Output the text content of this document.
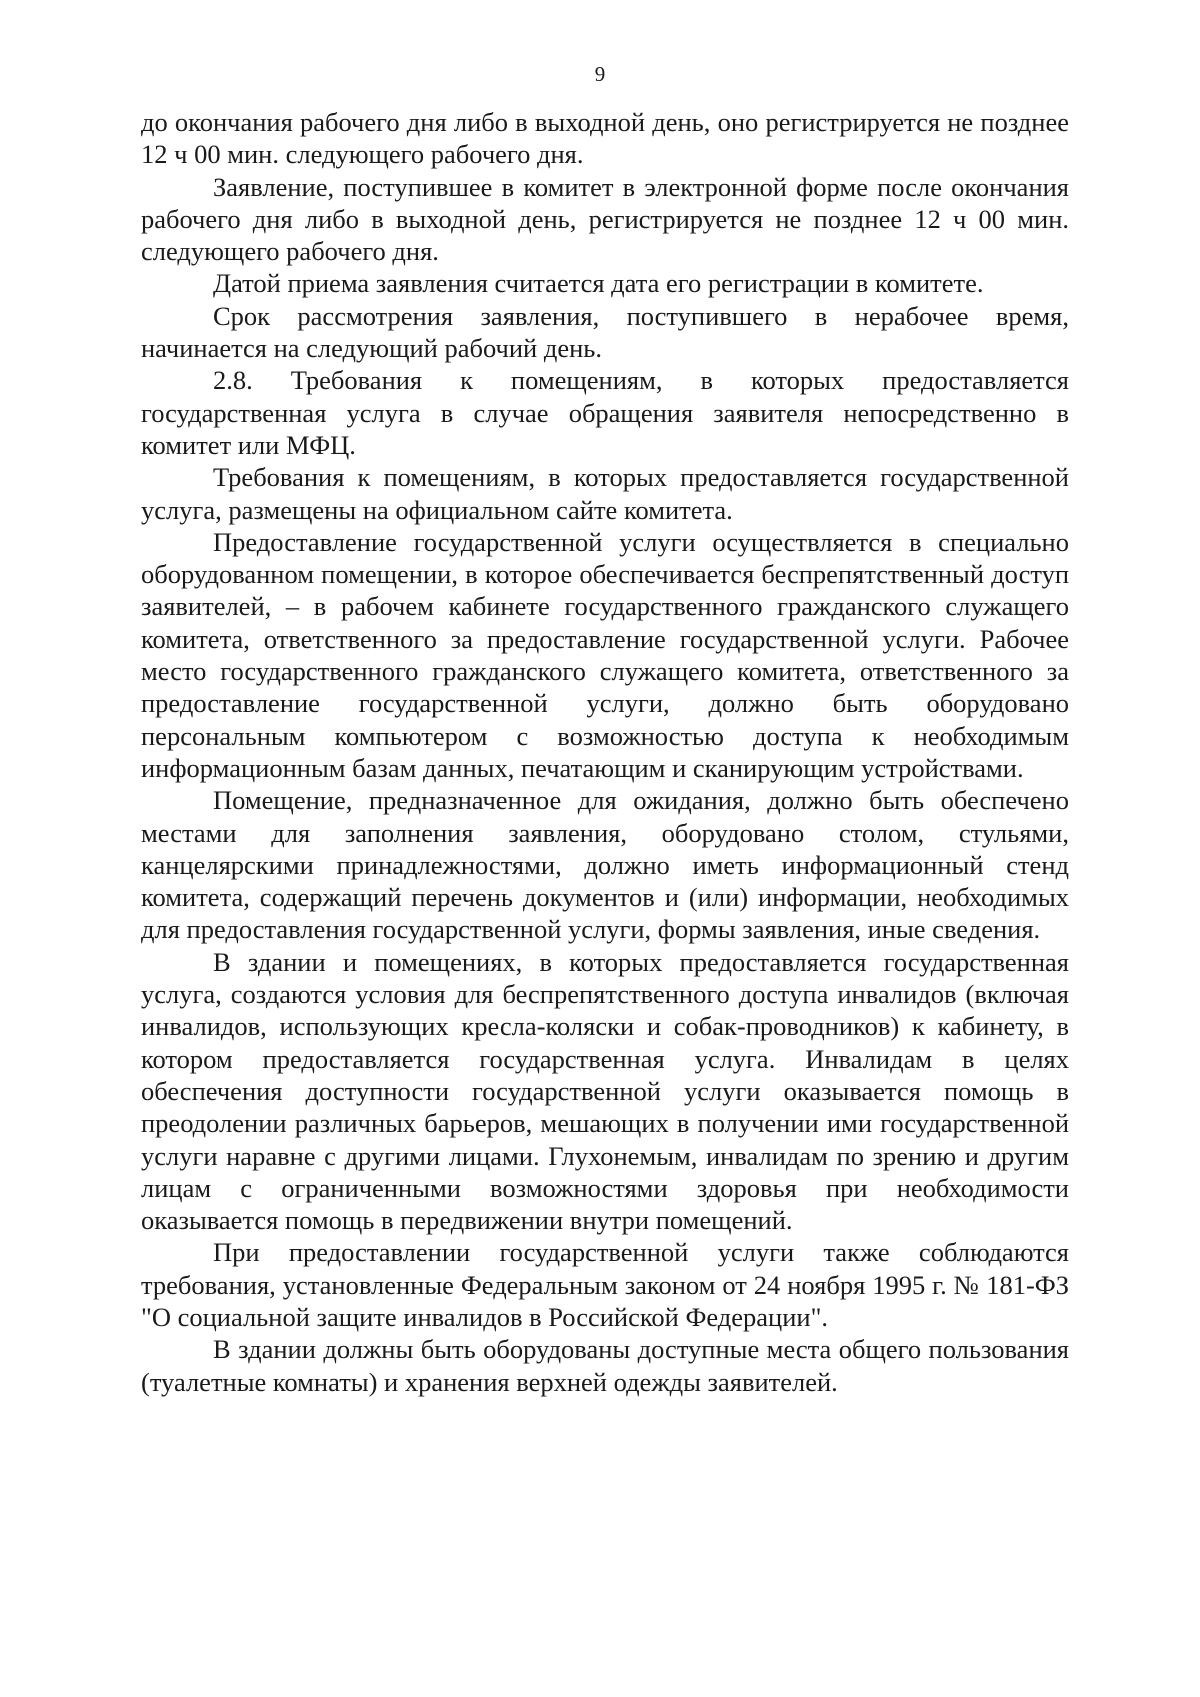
9

до окончания рабочего дня либо в выходной день, оно регистрируется не позднее 12 ч 00 мин. следующего рабочего дня.

Заявление, поступившее в комитет в электронной форме после окончания рабочего дня либо в выходной день, регистрируется не позднее 12 ч 00 мин. следующего рабочего дня.

Датой приема заявления считается дата его регистрации в комитете.

Срок рассмотрения заявления, поступившего в нерабочее время, начинается на следующий рабочий день.

2.8. Требования к помещениям, в которых предоставляется государственная услуга в случае обращения заявителя непосредственно в комитет или МФЦ.

Требования к помещениям, в которых предоставляется государственной услуга, размещены на официальном сайте комитета.

Предоставление государственной услуги осуществляется в специально оборудованном помещении, в которое обеспечивается беспрепятственный доступ заявителей, – в рабочем кабинете государственного гражданского служащего комитета, ответственного за предоставление государственной услуги. Рабочее место государственного гражданского служащего комитета, ответственного за предоставление государственной услуги, должно быть оборудовано персональным компьютером с возможностью доступа к необходимым информационным базам данных, печатающим и сканирующим устройствами.

Помещение, предназначенное для ожидания, должно быть обеспечено местами для заполнения заявления, оборудовано столом, стульями, канцелярскими принадлежностями, должно иметь информационный стенд комитета, содержащий перечень документов и (или) информации, необходимых для предоставления государственной услуги, формы заявления, иные сведения.

В здании и помещениях, в которых предоставляется государственная услуга, создаются условия для беспрепятственного доступа инвалидов (включая инвалидов, использующих кресла-коляски и собак-проводников) к кабинету, в котором предоставляется государственная услуга. Инвалидам в целях обеспечения доступности государственной услуги оказывается помощь в преодолении различных барьеров, мешающих в получении ими государственной услуги наравне с другими лицами. Глухонемым, инвалидам по зрению и другим лицам с ограниченными возможностями здоровья при необходимости оказывается помощь в передвижении внутри помещений.

При предоставлении государственной услуги также соблюдаются требования, установленные Федеральным законом от 24 ноября 1995 г. № 181-ФЗ "О социальной защите инвалидов в Российской Федерации".

В здании должны быть оборудованы доступные места общего пользования (туалетные комнаты) и хранения верхней одежды заявителей.
